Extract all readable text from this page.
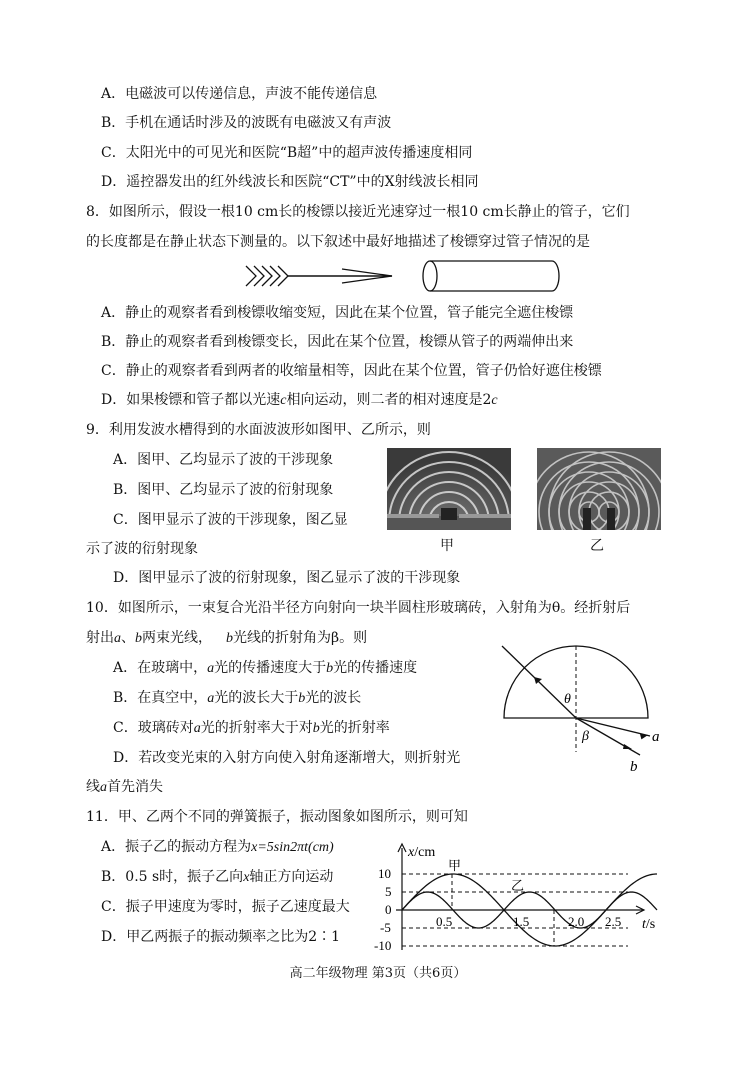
A．电磁波可以传递信息，声波不能传递信息
B．手机在通话时涉及的波既有电磁波又有声波
C．太阳光中的可见光和医院“B超”中的超声波传播速度相同
D．遥控器发出的红外线波长和医院“CT”中的X射线波长相同
8．如图所示，假设一根10 cm长的梭镖以接近光速穿过一根10 cm长静止的管子，它们
的长度都是在静止状态下测量的。以下叙述中最好地描述了梭镖穿过管子情况的是
A．静止的观察者看到梭镖收缩变短，因此在某个位置，管子能完全遮住梭镖
B．静止的观察者看到梭镖变长，因此在某个位置，梭镖从管子的两端伸出来
C．静止的观察者看到两者的收缩量相等，因此在某个位置，管子仍恰好遮住梭镖
D．如果梭镖和管子都以光速c相向运动，则二者的相对速度是2c
9．利用发波水槽得到的水面波波形如图甲、乙所示，则
A．图甲、乙均显示了波的干涉现象
B．图甲、乙均显示了波的衍射现象
C．图甲显示了波的干涉现象，图乙显
示了波的衍射现象
D．图甲显示了波的衍射现象，图乙显示了波的干涉现象
甲	乙
10．如图所示，一束复合光沿半径方向射向一块半圆柱形玻璃砖，入射角为θ。经折射后
射出a、b两束光线， b光线的折射角为β。则
A．在玻璃中，a光的传播速度大于b光的传播速度
B．在真空中，a光的波长大于b光的波长
C．玻璃砖对a光的折射率大于对b光的折射率
D．若改变光束的入射方向使入射角逐渐增大，则折射光
线a首先消失
θ
β	a
b
11．甲、乙两个不同的弹簧振子，振动图象如图所示，则可知
A．振子乙的振动方程为x=5sin2πt(cm)
B．0.5 s时，振子乙向x轴正方向运动
C．振子甲速度为零时，振子乙速度最大
D．甲乙两振子的振动频率之比为2∶1
x/cm
t/s
甲
乙
10
5
0
-5
-10
0.5	1.5	2.0 2.5
高二年级物理 第3页（共6页）
